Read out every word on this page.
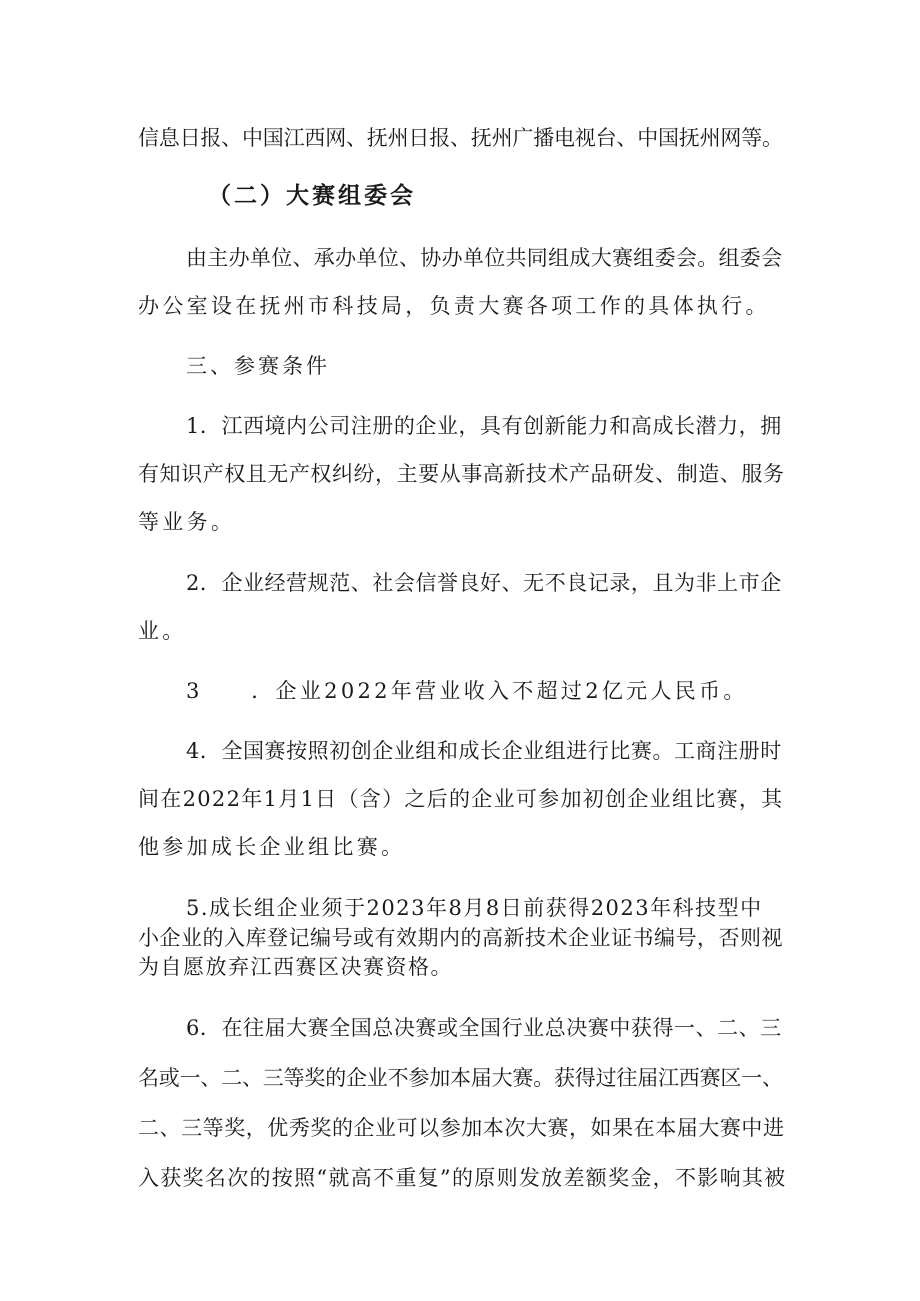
信息日报、中国江西网、抚州日报、抚州广播电视台、中国抚州网等。
（二）大赛组委会
由主办单位、承办单位、协办单位共同组成大赛组委会。组委会
办公室设在抚州市科技局，负责大赛各项工作的具体执行。
三、参赛条件
1．江西境内公司注册的企业，具有创新能力和高成长潜力，拥
有知识产权且无产权纠纷，主要从事高新技术产品研发、制造、服务
等业务。
2．企业经营规范、社会信誉良好、无不良记录，且为非上市企
业。
3　　．企业2022年营业收入不超过2亿元人民币。
4．全国赛按照初创企业组和成长企业组进行比赛。工商注册时
间在2022年1月1日（含）之后的企业可参加初创企业组比赛，其
他参加成长企业组比赛。
5.成长组企业须于2023年8月8日前获得2023年科技型中
小企业的入库登记编号或有效期内的高新技术企业证书编号，否则视
为自愿放弃江西赛区决赛资格。
6．在往届大赛全国总决赛或全国行业总决赛中获得一、二、三
名或一、二、三等奖的企业不参加本届大赛。获得过往届江西赛区一、
二、三等奖，优秀奖的企业可以参加本次大赛，如果在本届大赛中进
入获奖名次的按照“就高不重复”的原则发放差额奖金，不影响其被
